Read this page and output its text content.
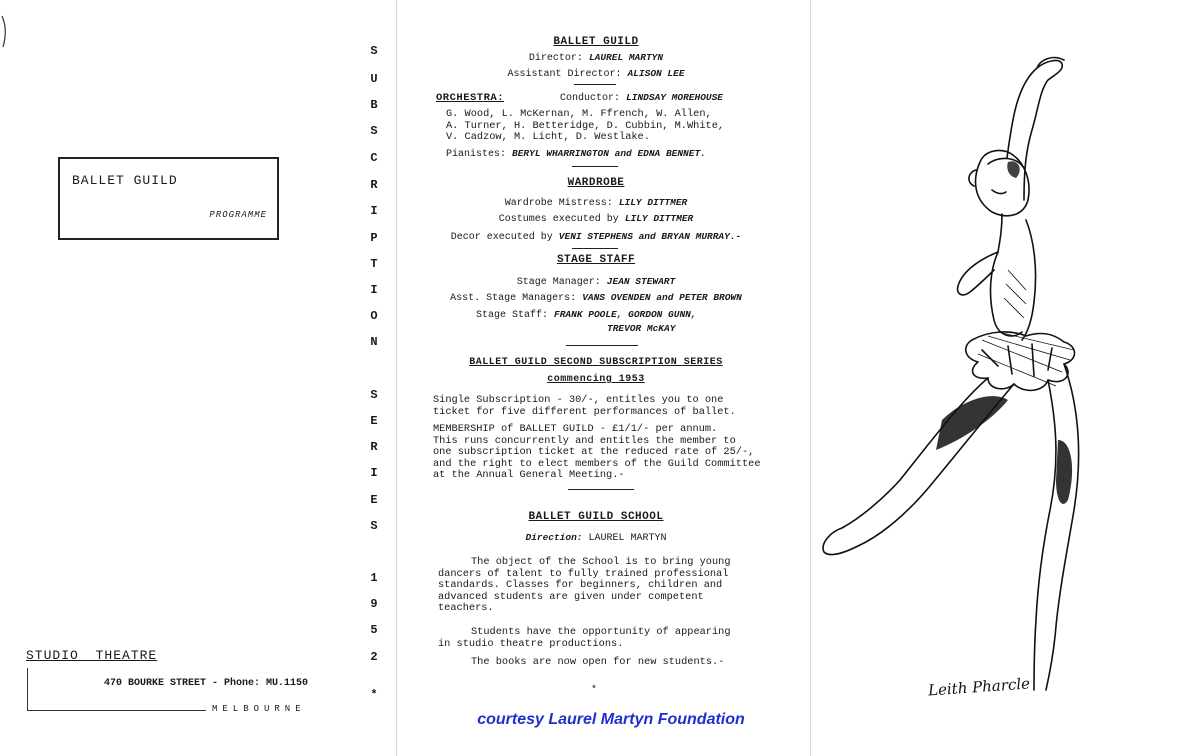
BALLET GUILD
PROGRAMME
STUDIO THEATRE
470 BOURKE STREET - Phone: MU.1150
MELBOURNE
S
U
B
S
C
R
I
P
T
I
O
N
S
E
R
I
E
S
1
9
5
2
*
BALLET GUILD
Director: LAUREL MARTYN
Assistant Director: ALISON LEE
ORCHESTRA:	Conductor: LINDSAY MOREHOUSE
G. Wood, L. McKernan, M. Ffrench, W. Allen,
A. Turner, H. Betteridge, D. Cubbin, M.White,
V. Cadzow, M. Licht, D. Westlake.
Pianistes: BERYL WHARRINGTON and EDNA BENNET.
WARDROBE
Wardrobe Mistress: LILY DITTMER
Costumes executed by LILY DITTMER
Decor executed by VENI STEPHENS and BRYAN MURRAY.-
STAGE STAFF
Stage Manager: JEAN STEWART
Asst. Stage Managers: VANS OVENDEN and PETER BROWN
Stage Staff: FRANK POOLE, GORDON GUNN,
TREVOR McKAY
BALLET GUILD SECOND SUBSCRIPTION SERIES
commencing 1953
Single Subscription - 30/-, entitles you to one
ticket for five different performances of ballet.
MEMBERSHIP of BALLET GUILD - £1/1/- per annum.
This runs concurrently and entitles the member to
one subscription ticket at the reduced rate of 25/-,
and the right to elect members of the Guild Committee
at the Annual General Meeting.-
BALLET GUILD SCHOOL
Direction: LAUREL MARTYN
The object of the School is to bring young
dancers of talent to fully trained professional
standards. Classes for beginners, children and
advanced students are given under competent
teachers.
Students have the opportunity of appearing
in studio theatre productions.
The books are now open for new students.-
*	Leith Pharcle
courtesy Laurel Martyn Foundation
